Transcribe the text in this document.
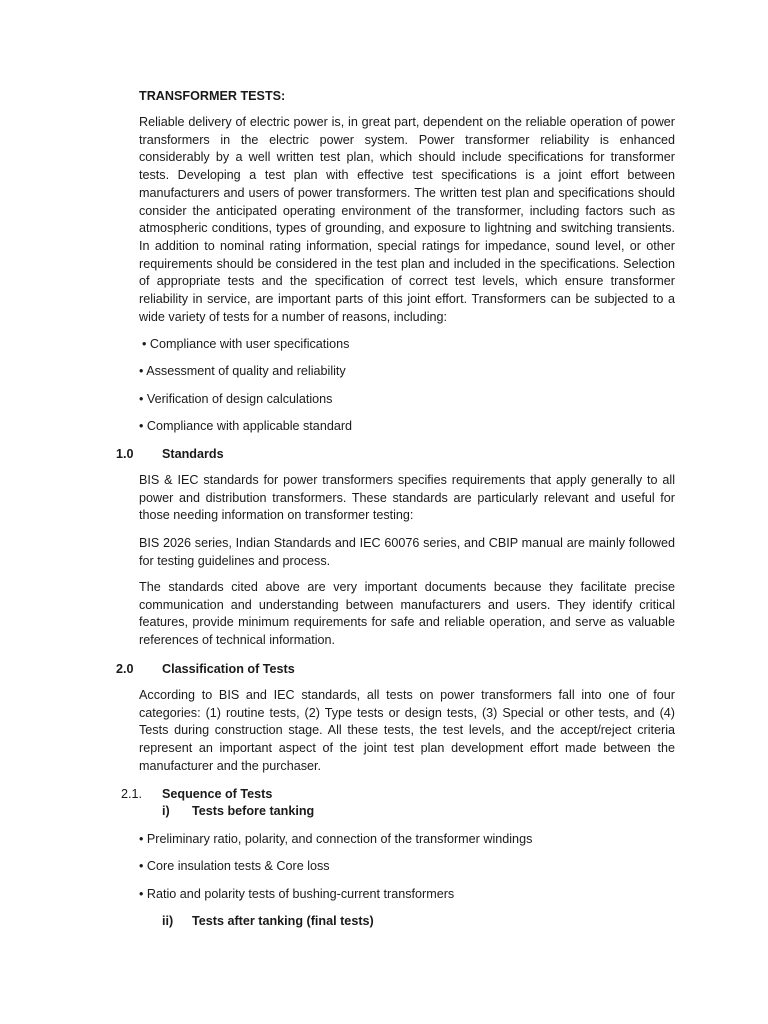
TRANSFORMER TESTS:

Reliable delivery of electric power is, in great part, dependent on the reliable operation of power transformers in the electric power system. Power transformer reliability is enhanced considerably by a well written test plan, which should include specifications for transformer tests. Developing a test plan with effective test specifications is a joint effort between manufacturers and users of power transformers. The written test plan and specifications should consider the anticipated operating environment of the transformer, including factors such as atmospheric conditions, types of grounding, and exposure to lightning and switching transients. In addition to nominal rating information, special ratings for impedance, sound level, or other requirements should be considered in the test plan and included in the specifications. Selection of appropriate tests and the specification of correct test levels, which ensure transformer reliability in service, are important parts of this joint effort. Transformers can be subjected to a wide variety of tests for a number of reasons, including:

• Compliance with user specifications
• Assessment of quality and reliability
• Verification of design calculations
• Compliance with applicable standard
1.0 Standards

BIS & IEC standards for power transformers specifies requirements that apply generally to all power and distribution transformers. These standards are particularly relevant and useful for those needing information on transformer testing:

BIS 2026 series, Indian Standards and IEC 60076 series, and CBIP manual are mainly followed for testing guidelines and process.

The standards cited above are very important documents because they facilitate precise communication and understanding between manufacturers and users. They identify critical features, provide minimum requirements for safe and reliable operation, and serve as valuable references of technical information.

2.0 Classification of Tests

According to BIS and IEC standards, all tests on power transformers fall into one of four categories: (1) routine tests, (2) Type tests or design tests, (3) Special or other tests, and (4) Tests during construction stage. All these tests, the test levels, and the accept/reject criteria represent an important aspect of the joint test plan development effort made between the manufacturer and the purchaser.

2.1. Sequence of Tests
i) Tests before tanking
• Preliminary ratio, polarity, and connection of the transformer windings
• Core insulation tests & Core loss
• Ratio and polarity tests of bushing-current transformers
ii) Tests after tanking (final tests)
